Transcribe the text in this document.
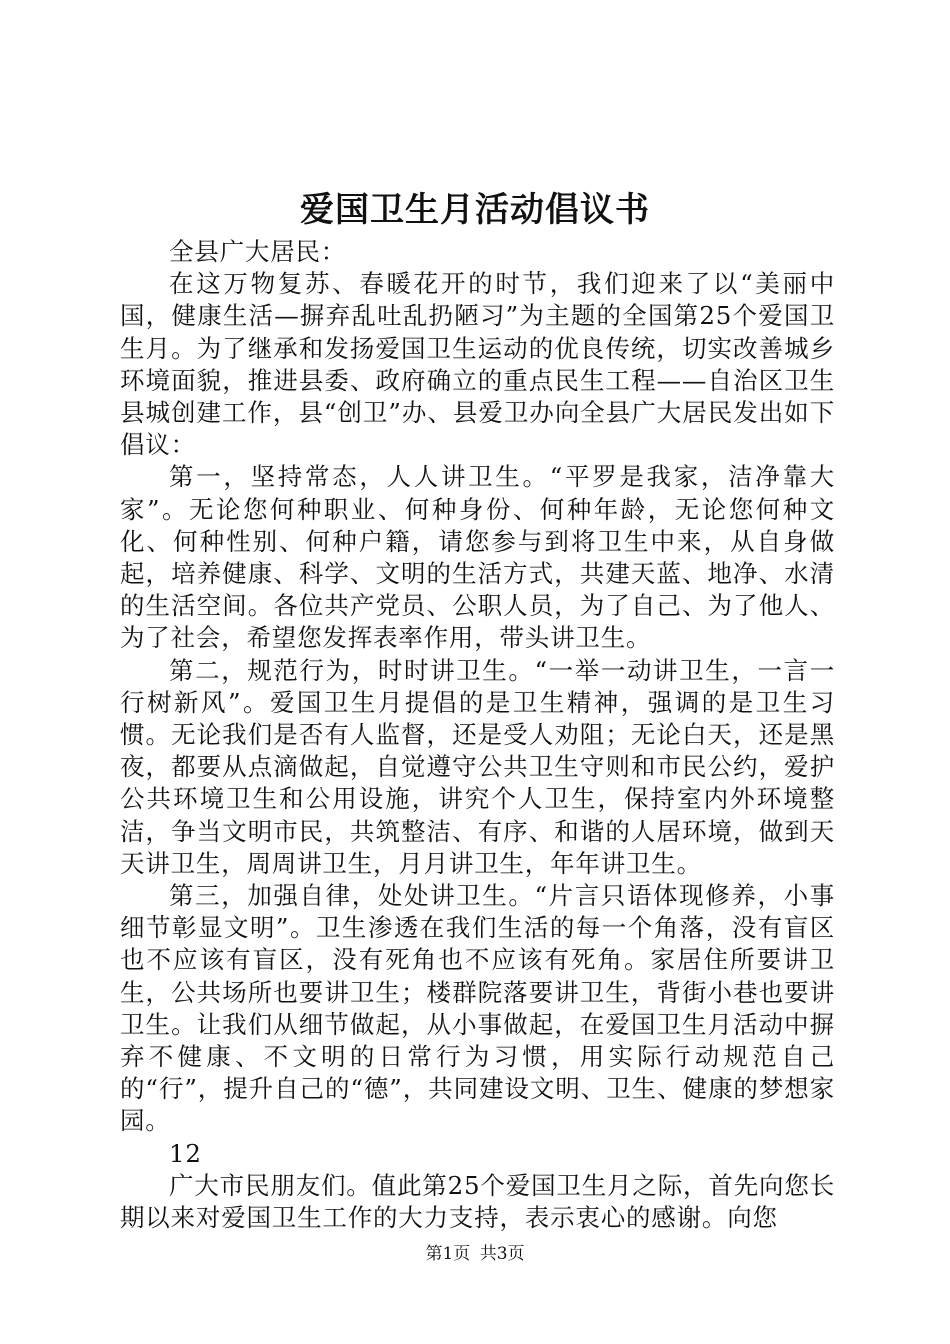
爱国卫生月活动倡议书

全县广大居民：

在这万物复苏、春暖花开的时节，我们迎来了以“美丽中国，健康生活—摒弃乱吐乱扔陋习”为主题的全国第25个爱国卫生月。为了继承和发扬爱国卫生运动的优良传统，切实改善城乡环境面貌，推进县委、政府确立的重点民生工程——自治区卫生县城创建工作，县“创卫”办、县爱卫办向全县广大居民发出如下倡议：

第一，坚持常态，人人讲卫生。“平罗是我家，洁净靠大家”。无论您何种职业、何种身份、何种年龄，无论您何种文化、何种性别、何种户籍，请您参与到将卫生中来，从自身做起，培养健康、科学、文明的生活方式，共建天蓝、地净、水清的生活空间。各位共产党员、公职人员，为了自己、为了他人、为了社会，希望您发挥表率作用，带头讲卫生。

第二，规范行为，时时讲卫生。“一举一动讲卫生，一言一行树新风”。爱国卫生月提倡的是卫生精神，强调的是卫生习惯。无论我们是否有人监督，还是受人劝阻；无论白天，还是黑夜，都要从点滴做起，自觉遵守公共卫生守则和市民公约，爱护公共环境卫生和公用设施，讲究个人卫生，保持室内外环境整洁，争当文明市民，共筑整洁、有序、和谐的人居环境，做到天天讲卫生，周周讲卫生，月月讲卫生，年年讲卫生。

第三，加强自律，处处讲卫生。“片言只语体现修养，小事细节彰显文明”。卫生渗透在我们生活的每一个角落，没有盲区也不应该有盲区，没有死角也不应该有死角。家居住所要讲卫生，公共场所也要讲卫生；楼群院落要讲卫生，背街小巷也要讲卫生。让我们从细节做起，从小事做起，在爱国卫生月活动中摒弃不健康、不文明的日常行为习惯，用实际行动规范自己的“行”，提升自己的“德”，共同建设文明、卫生、健康的梦想家园。

12

广大市民朋友们。值此第25个爱国卫生月之际，首先向您长期以来对爱国卫生工作的大力支持，表示衷心的感谢。向您

第1页 共3页
